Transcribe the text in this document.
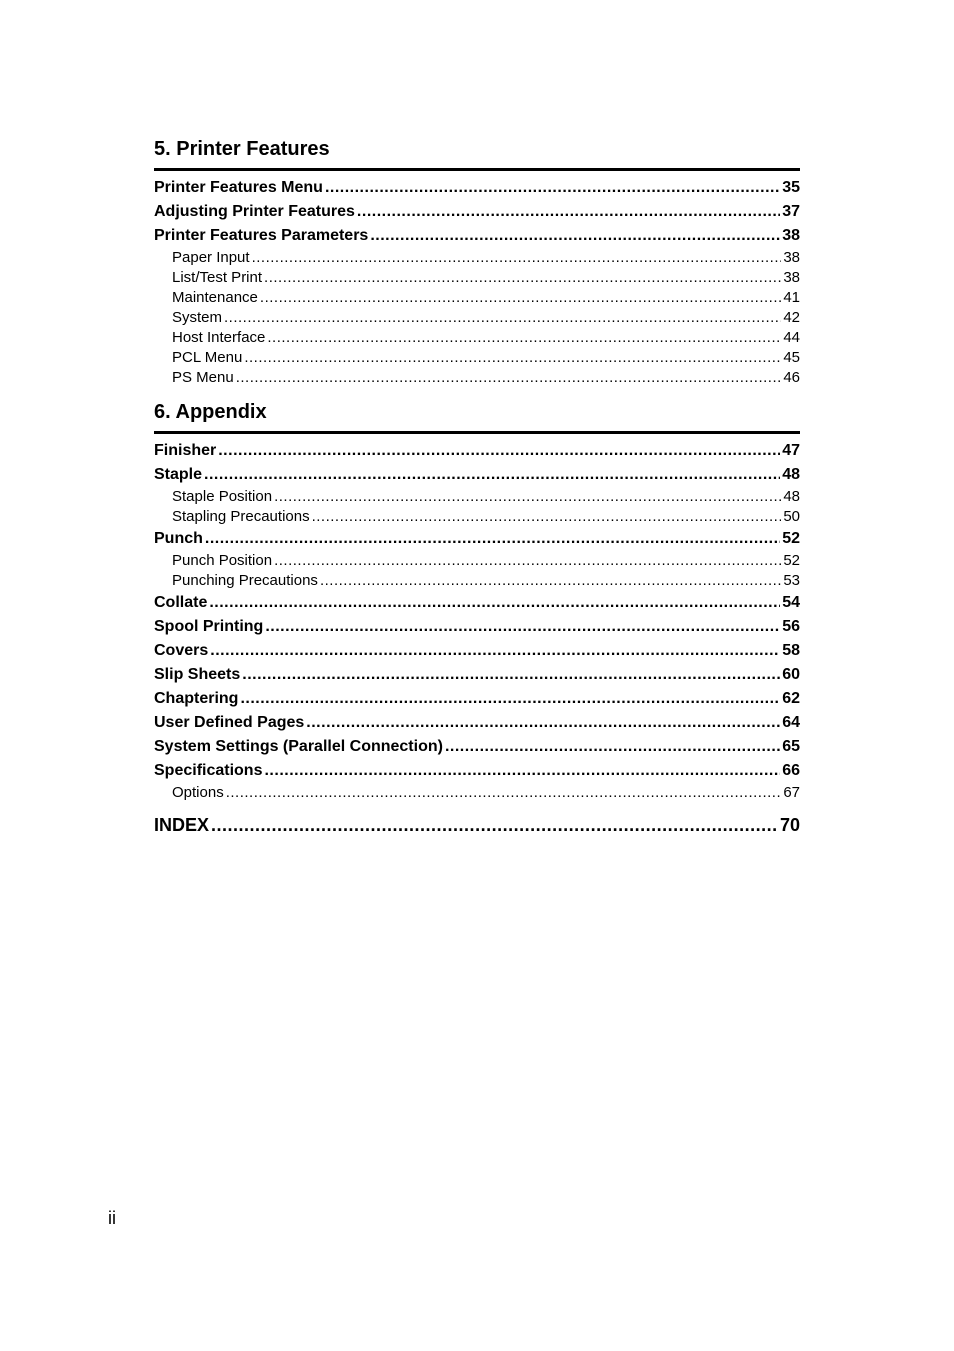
5. Printer Features
Printer Features Menu .....	35
Adjusting Printer Features .....	37
Printer Features Parameters .....	38
Paper Input .....	38
List/Test Print .....	38
Maintenance .....	41
System .....	42
Host Interface .....	44
PCL Menu .....	45
PS Menu .....	46
6. Appendix
Finisher .....	47
Staple .....	48
Staple Position .....	48
Stapling Precautions .....	50
Punch .....	52
Punch Position .....	52
Punching Precautions .....	53
Collate .....	54
Spool Printing .....	56
Covers .....	58
Slip Sheets .....	60
Chaptering .....	62
User Defined Pages .....	64
System Settings (Parallel Connection) .....	65
Specifications .....	66
Options .....	67
INDEX .....	70
ii
